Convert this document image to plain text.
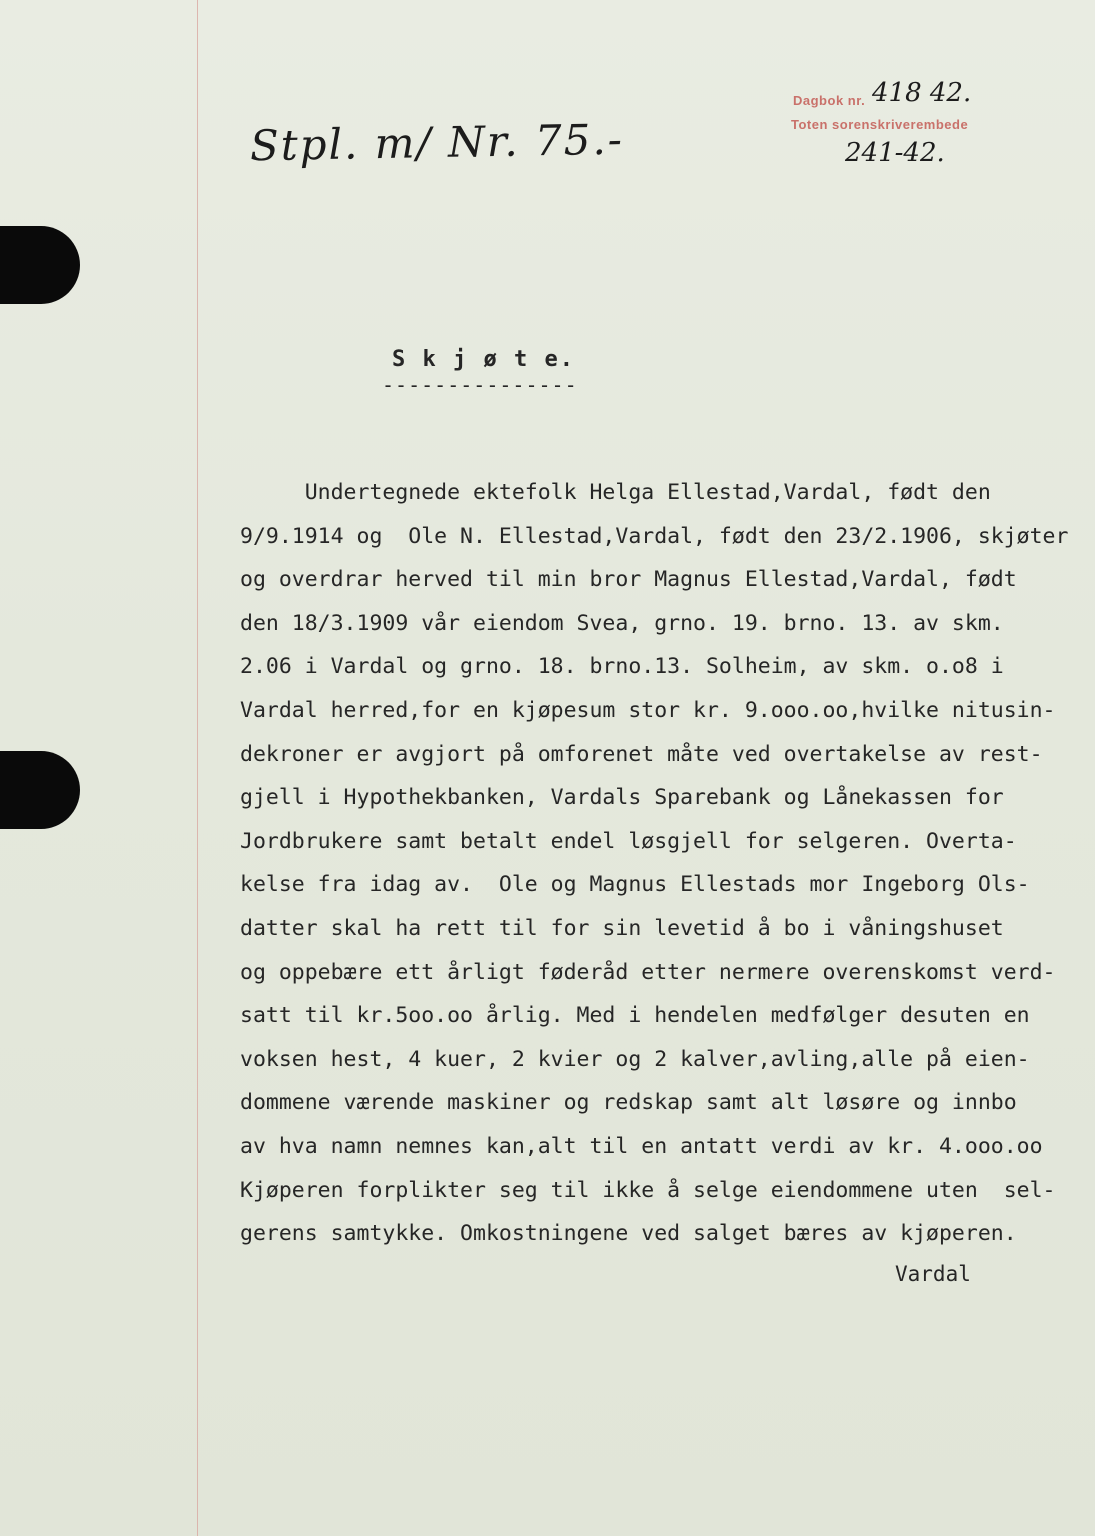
Stpl. m/ Nr. 75.-
Dagbok nr.
Toten sorenskriverembede
418 42.
241-42.
S k j ø t e.
---------------
Undertegnede ektefolk Helga Ellestad,Vardal, født den
9/9.1914 og  Ole N. Ellestad,Vardal, født den 23/2.1906, skjøter
og overdrar herved til min bror Magnus Ellestad,Vardal, født
den 18/3.1909 vår eiendom Svea, grno. 19. brno. 13. av skm.
2.06 i Vardal og grno. 18. brno.13. Solheim, av skm. o.o8 i
Vardal herred,for en kjøpesum stor kr. 9.ooo.oo,hvilke nitusin-
dekroner er avgjort på omforenet måte ved overtakelse av rest-
gjell i Hypothekbanken, Vardals Sparebank og Lånekassen for
Jordbrukere samt betalt endel løsgjell for selgeren. Overta-
kelse fra idag av.  Ole og Magnus Ellestads mor Ingeborg Ols-
datter skal ha rett til for sin levetid å bo i våningshuset
og oppebære ett årligt føderåd etter nermere overenskomst verd-
satt til kr.5oo.oo årlig. Med i hendelen medfølger desuten en
voksen hest, 4 kuer, 2 kvier og 2 kalver,avling,alle på eien-
dommene værende maskiner og redskap samt alt løsøre og innbo
av hva namn nemnes kan,alt til en antatt verdi av kr. 4.ooo.oo
Kjøperen forplikter seg til ikke å selge eiendommene uten  sel-
gerens samtykke. Omkostningene ved salget bæres av kjøperen.
Vardal
